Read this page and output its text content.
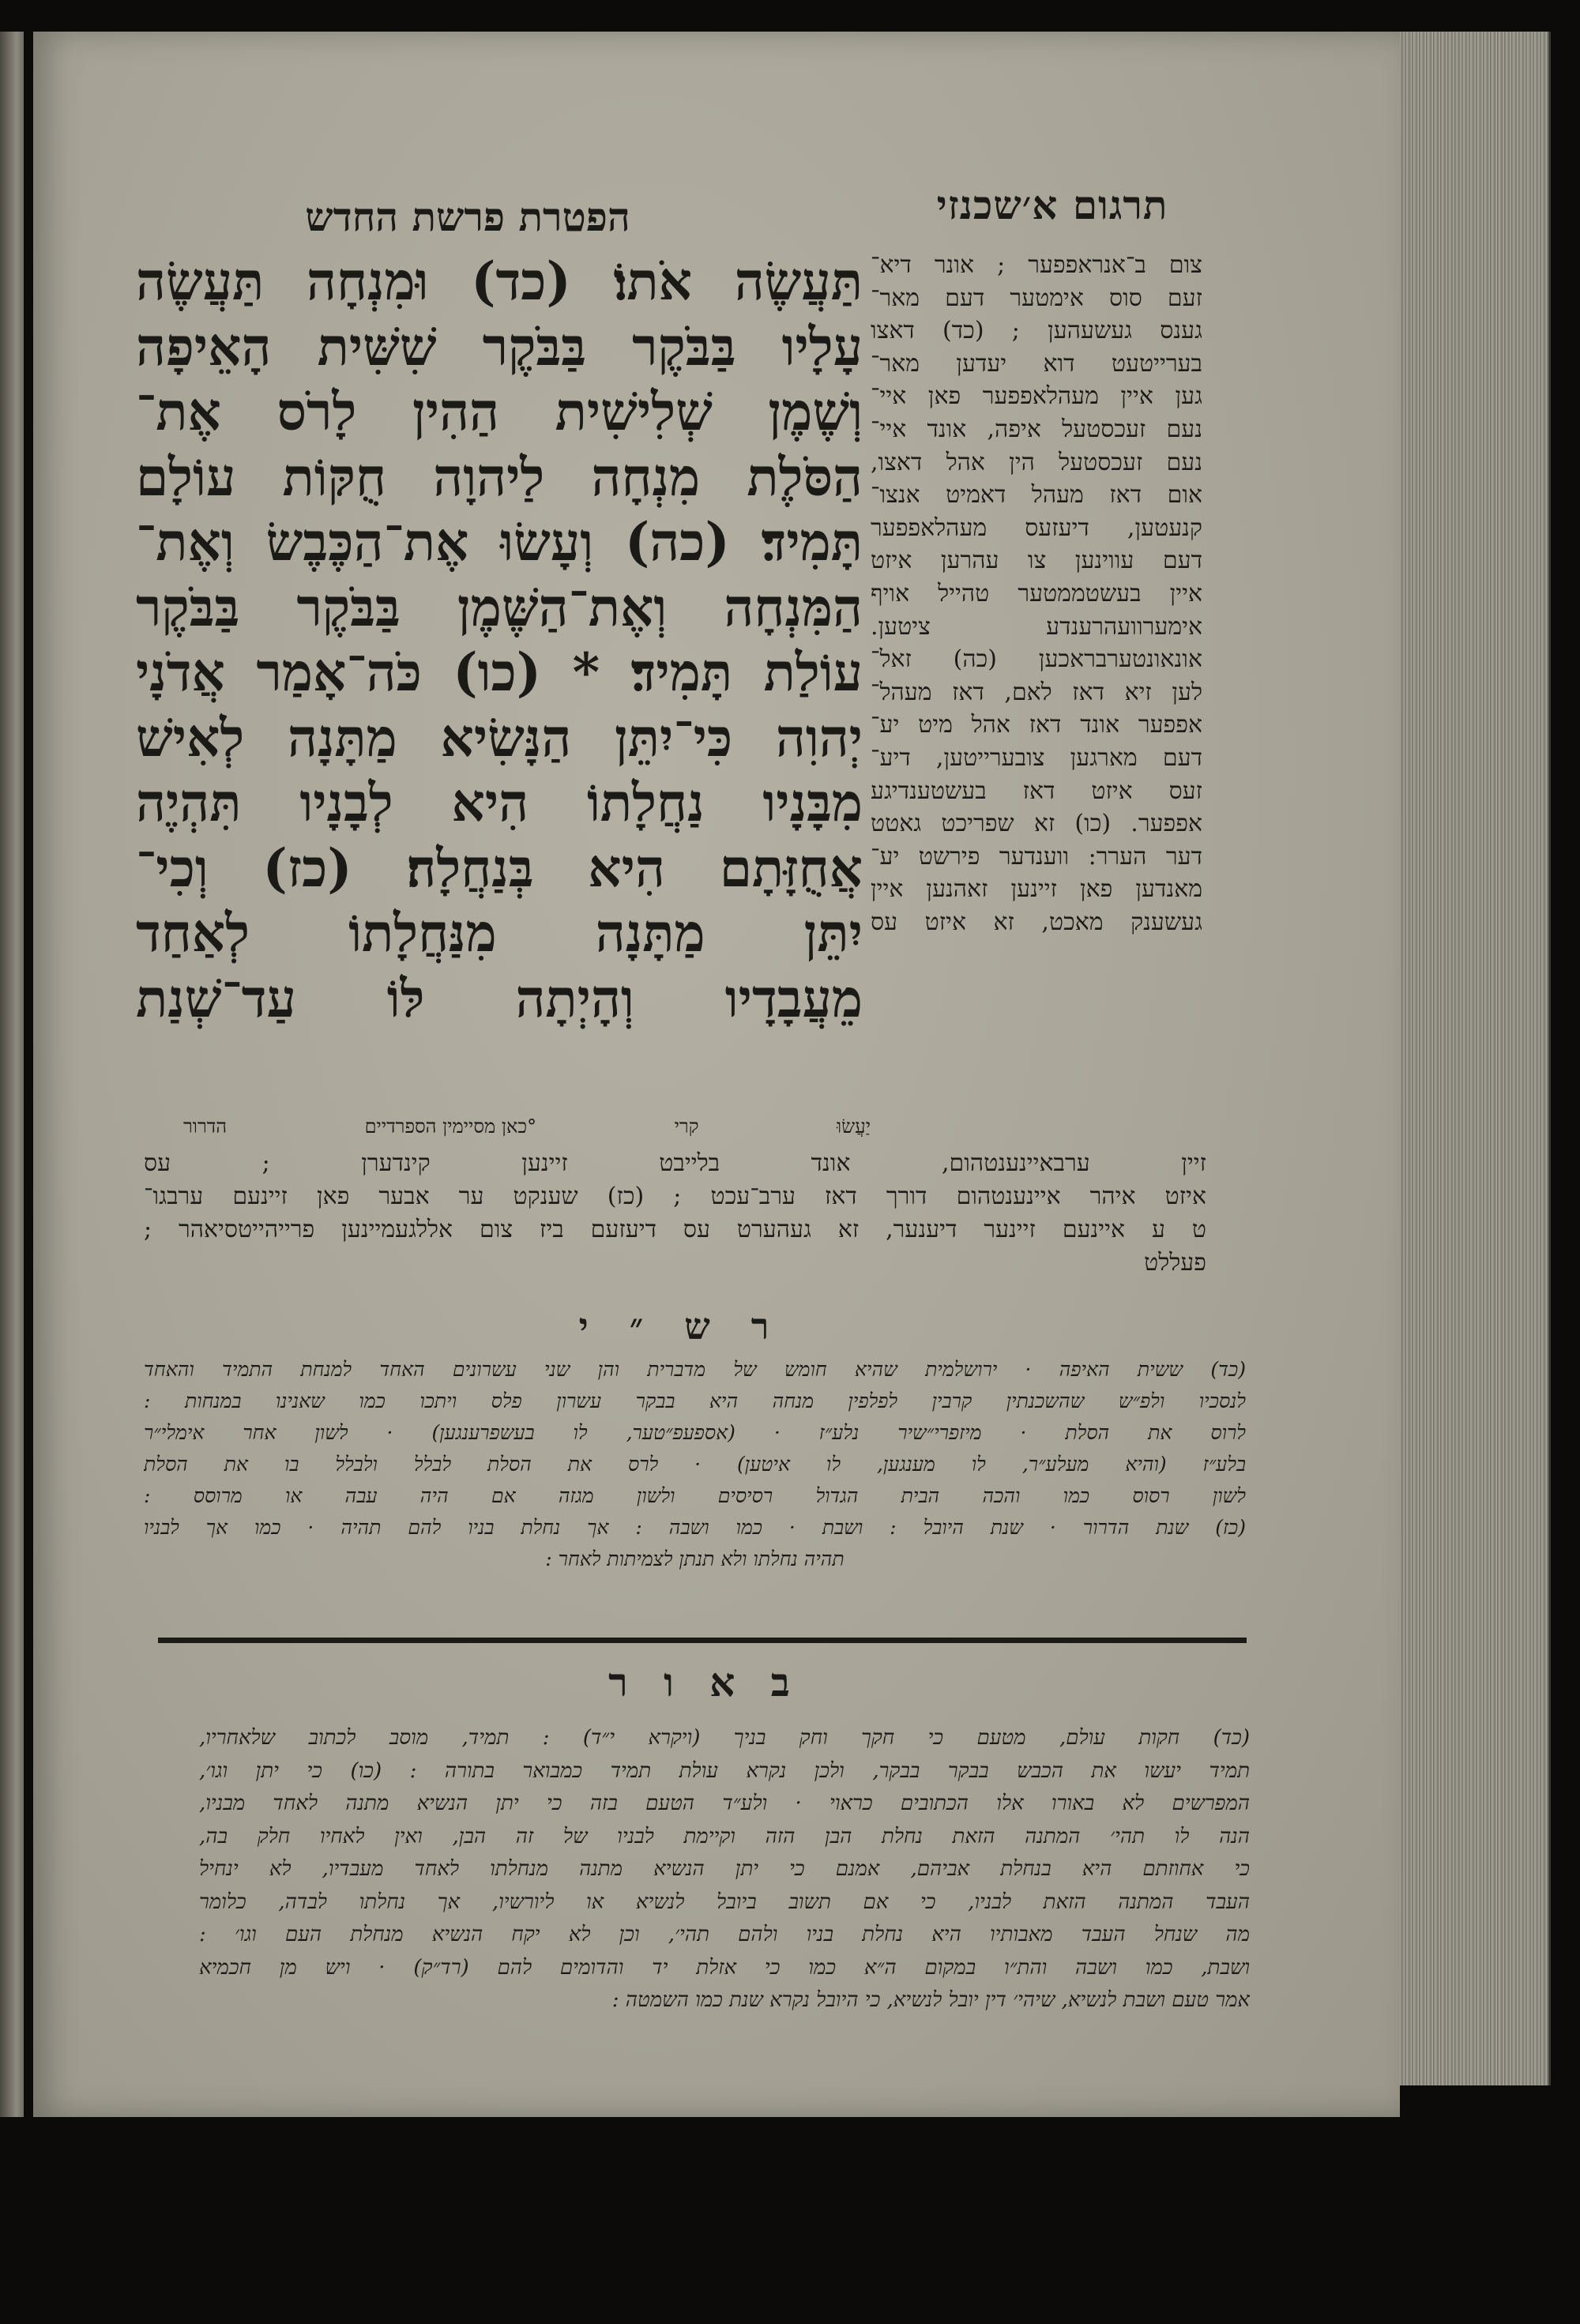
תרגום א׳שכנזי
הפטרת פרשת החדש
תַּעֲשֶׂה אֹתוֹ׃ (כד) וּמִנְחָה תַּעֲשֶׂה
עָלָיו בַּבֹּקֶר בַּבֹּקֶר שִׁשִּׁית הָאֵיפָה
וְשֶׁמֶן שְׁלִישִׁית הַהִין לָרֹס אֶת־
הַסֹּלֶת מִנְחָה לַיהוָה חֻקּוֹת עוֹלָם
תָּמִיד׃ (כה) וְעָשׂוּ אֶת־הַכֶּבֶשׂ וְאֶת־
הַמִּנְחָה וְאֶת־הַשֶּׁמֶן בַּבֹּקֶר בַּבֹּקֶר
עוֹלַת תָּמִיד׃ * (כו) כֹּה־אָמַר אֲדֹנָי
יְהוִה כִּי־יִתֵּן הַנָּשִׂיא מַתָּנָה לְאִישׁ
מִבָּנָיו נַחֲלָתוֹ הִיא לְבָנָיו תִּהְיֶה
אֲחֻזָּתָם הִיא בְּנַחֲלָה׃ (כז) וְכִי־
יִתֵּן מַתָּנָה מִנַּחֲלָתוֹ לְאַחַד
מֵעֲבָדָיו וְהָיְתָה לּוֹ עַד־שְׁנַת
צום ב־אנראפפער ; אונר דיא־
זעם סוס אימטער דעם מאר־
גענס געשעהען ; (כד) דאצו
בערייטעט דוא יעדען מאר־
גען איין מעהלאפפער פאן איי־
נעם זעכסטעל איפה, אונד איי־
נעם זעכסטעל הין אהל דאצו,
אום דאז מעהל דאמיט אנצו־
קנעטען, דיעזעס מעהלאפפער
דעם עווינען צו עהרען איזט
איין בעשטממטער טהייל אויף
אימערוועהרענדע ציטען.
אונאונטערבראכען (כה) זאל־
לען זיא דאז לאם, דאז מעהל־
אפפער אונד דאז אהל מיט יע־
דעם מארגען צובערייטען, דיע־
זעס איזט דאז בעשטענדיגע
אפפער. (כו) זא שפריכט גאטט
דער הערר: ווענדער פירשט יע־
מאנדען פאן זיינען זאהנען איין
געשענק מאכט, זא איזט עס
יַעֲשׂוּ
קרי
°כאן מסיימין הספרדיים
הדרור
זיין ערבאיינענטהום, אונד בלייבט זיינען קינדערן ; עס
איזט איהר איינענטהום דורך דאז ערב־עכט ; (כז) שענקט ער אבער פאן זיינעם ערבגו־
ט ע איינעם זיינער דיענער, זא געהערט עס דיעזעם ביז צום אללגעמיינען פרייהייטסיאהר ;
פעללט
ר ש ״ י
(כד) ששית האיפה · ירושלמית שהיא חומש של מדברית והן שני עשרונים האחד למנחת התמיד והאחד
לנסכיו ולפ״ש שהשכנתין קרבין לפלפין מנחה היא בבקר עשרון פלס ויתכו כמו שאנינו במנחות :
לרוס את הסלת · מיזפרי״שיר נלע״ז · (אספעפ״טער, לו בעשפרענגען) · לשון אחר אימלי״ר
בלע״ז (והיא מעלע״ר, לו מענגען, לו איטען) · לרס את הסלת לבלל ולבלל בו את הסלת
לשון רסוס כמו והכה הבית הגדול רסיסים ולשון מגזה אם היה עבה או מרוסס :
(כז) שנת הדרור · שנת היובל : ושבת · כמו ושבה : אך נחלת בניו להם תהיה · כמו אך לבניו
תהיה נחלתו ולא תנתן לצמיתות לאחר :
ב א ו ר
(כד) חקות עולם, מטעם כי חקך וחק בניך (ויקרא י״ד) : תמיד, מוסב לכתוב שלאחריו,
תמיד יעשו את הכבש בבקר בבקר, ולכן נקרא עולת תמיד כמבואר בתורה : (כו) כי יתן וגו׳,
המפרשים לא באורו אלו הכתובים כראוי · ולע״ד הטעם בזה כי יתן הנשיא מתנה לאחד מבניו,
הנה לו תהי׳ המתנה הזאת נחלת הבן הזה וקיימת לבניו של זה הבן, ואין לאחיו חלק בה,
כי אחוזתם היא בנחלת אביהם, אמנם כי יתן הנשיא מתנה מנחלתו לאחד מעבדיו, לא ינחיל
העבד המתנה הזאת לבניו, כי אם תשוב ביובל לנשיא או ליורשיו, אך נחלתו לבדה, כלומר
מה שנחל העבד מאבותיו היא נחלת בניו ולהם תהי׳, וכן לא יקח הנשיא מנחלת העם וגו׳ :
ושבת, כמו ושבה והת״ו במקום ה״א כמו כי אזלת יד והדומים להם (רד״ק) · ויש מן חכמיא
אמר טעם ושבת לנשיא, שיהי׳ דין יובל לנשיא, כי היובל נקרא שנת כמו השמטה :
